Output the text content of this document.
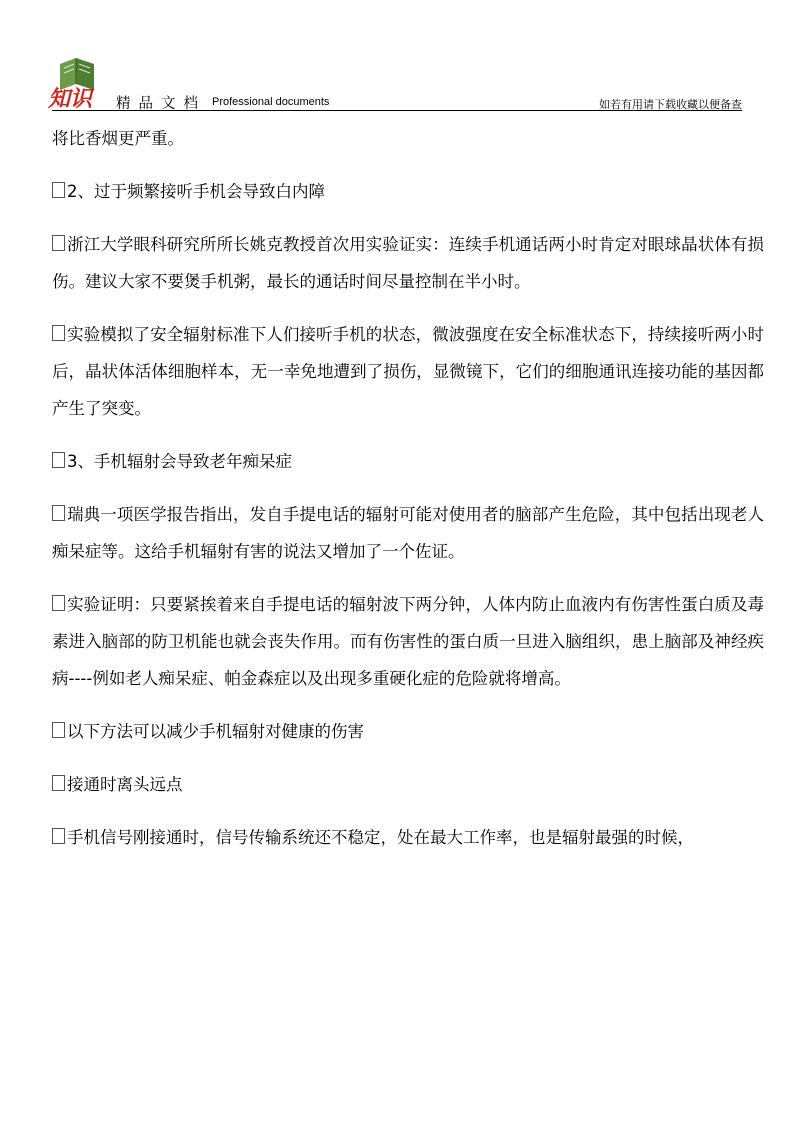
知识 精品文档 Professional documents	如若有用请下载收藏以便备查
将比香烟更严重。
2、过于频繁接听手机会导致白内障
浙江大学眼科研究所所长姚克教授首次用实验证实：连续手机通话两小时肯定对眼球晶状体有损伤。建议大家不要煲手机粥，最长的通话时间尽量控制在半小时。
实验模拟了安全辐射标准下人们接听手机的状态，微波强度在安全标准状态下，持续接听两小时后，晶状体活体细胞样本，无一幸免地遭到了损伤，显微镜下，它们的细胞通讯连接功能的基因都产生了突变。
3、手机辐射会导致老年痴呆症
瑞典一项医学报告指出，发自手提电话的辐射可能对使用者的脑部产生危险，其中包括出现老人痴呆症等。这给手机辐射有害的说法又增加了一个佐证。
实验证明：只要紧挨着来自手提电话的辐射波下两分钟，人体内防止血液内有伤害性蛋白质及毒素进入脑部的防卫机能也就会丧失作用。而有伤害性的蛋白质一旦进入脑组织，患上脑部及神经疾病----例如老人痴呆症、帕金森症以及出现多重硬化症的危险就将增高。
以下方法可以减少手机辐射对健康的伤害
接通时离头远点
手机信号刚接通时，信号传输系统还不稳定，处在最大工作率，也是辐射最强的时候，
